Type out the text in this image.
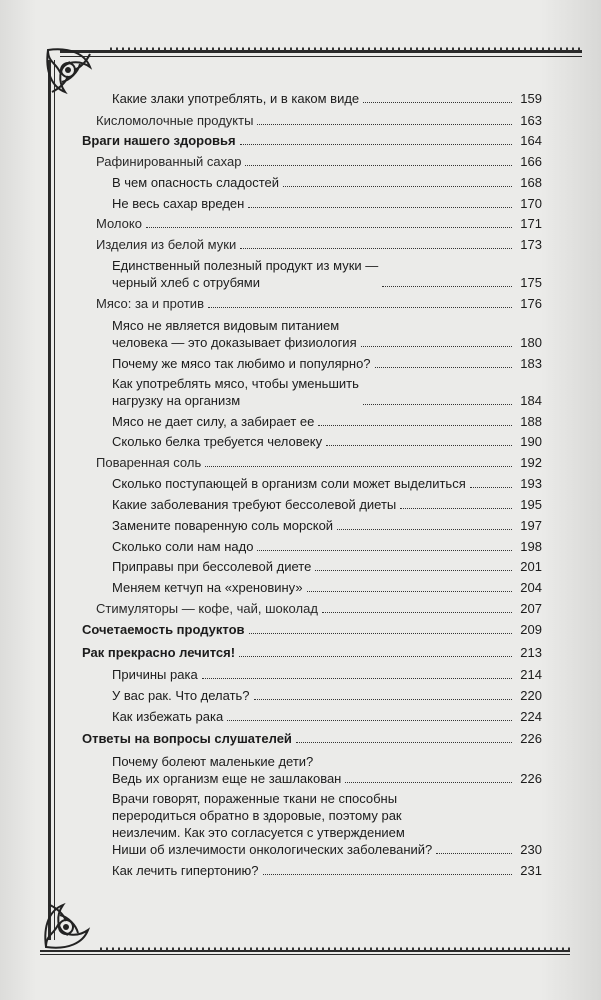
Какие злаки употреблять, и в каком виде	159
Кисломолочные продукты	163
Враги нашего здоровья	164
Рафинированный сахар	166
В чем опасность сладостей	168
Не весь сахар вреден	170
Молоко	171
Изделия из белой муки	173
Единственный полезный продукт из муки —
черный хлеб с отрубями	175
Мясо: за и против	176
Мясо не является видовым питанием
человека — это доказывает физиология	180
Почему же мясо так любимо и популярно?	183
Как употреблять мясо, чтобы уменьшить
нагрузку на организм	184
Мясо не дает силу, а забирает ее	188
Сколько белка требуется человеку	190
Поваренная соль	192
Сколько поступающей в организм соли может выделиться	193
Какие заболевания требуют бессолевой диеты	195
Замените поваренную соль морской	197
Сколько соли нам надо	198
Приправы при бессолевой диете	201
Меняем кетчуп на «хреновину»	204
Стимуляторы — кофе, чай, шоколад	207
Сочетаемость продуктов	209
Рак прекрасно лечится!	213
Причины рака	214
У вас рак. Что делать?	220
Как избежать рака	224
Ответы на вопросы слушателей	226
Почему болеют маленькие дети?
Ведь их организм еще не зашлакован	226
Врачи говорят, пораженные ткани не способны
переродиться обратно в здоровые, поэтому рак
неизлечим. Как это согласуется с утверждением
Ниши об излечимости онкологических заболеваний?	230
Как лечить гипертонию?	231
